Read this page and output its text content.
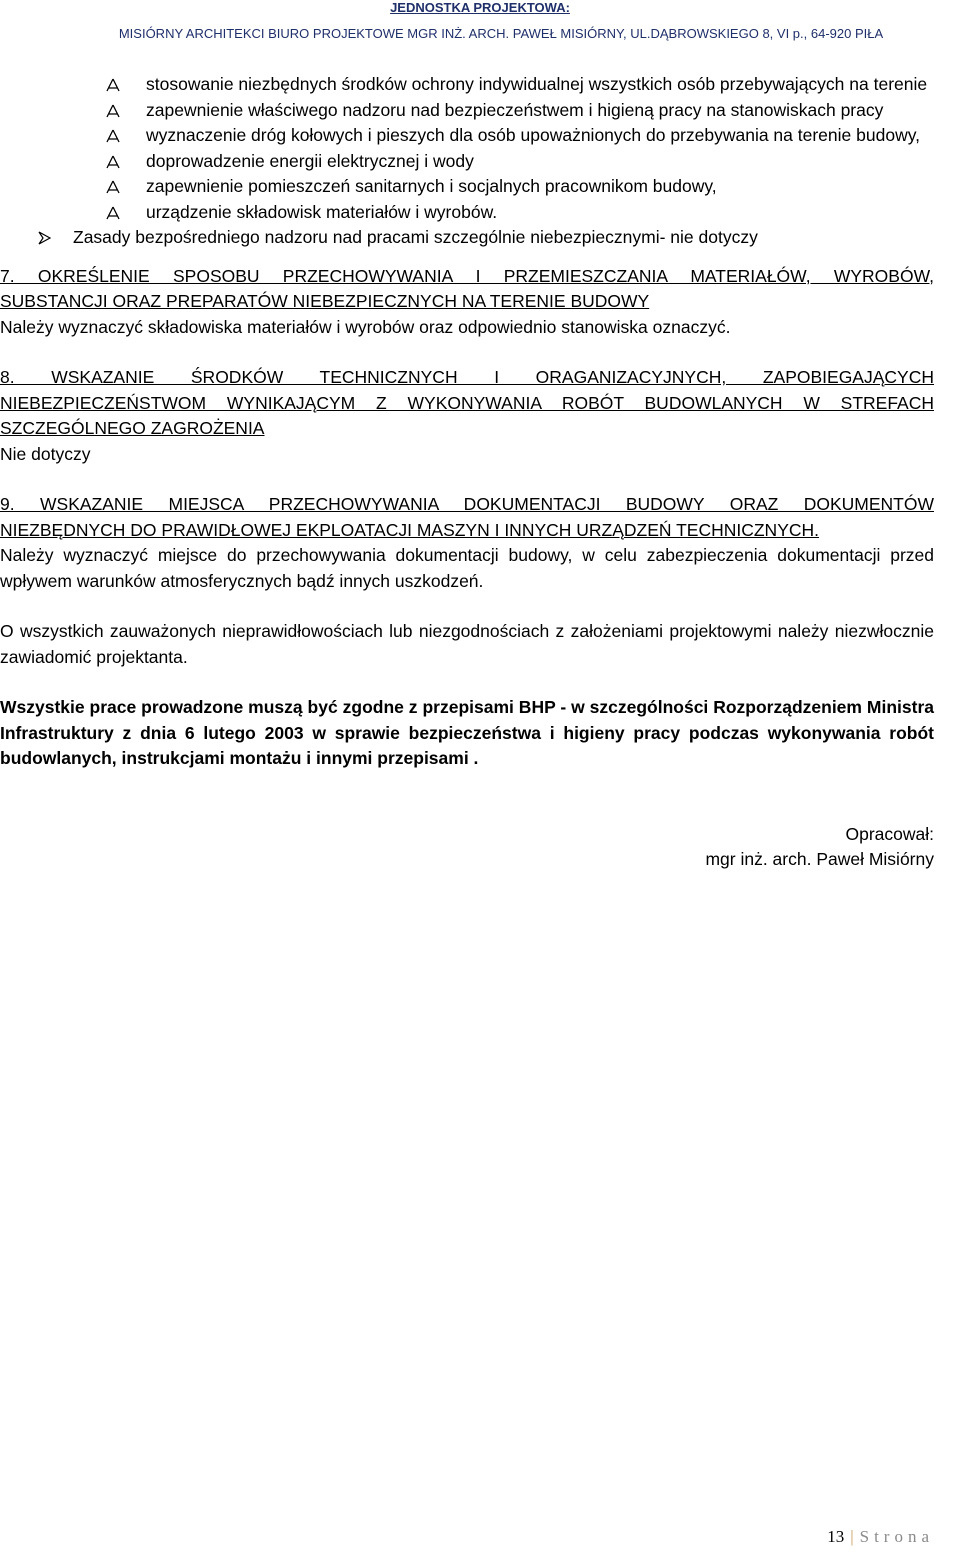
JEDNOSTKA PROJEKTOWA:
MISIÓRNY ARCHITEKCI BIURO PROJEKTOWE MGR INŻ. ARCH. PAWEŁ MISIÓRNY, UL.DĄBROWSKIEGO 8, VI p., 64-920 PIŁA
stosowanie niezbędnych środków ochrony indywidualnej wszystkich osób przebywających na terenie
zapewnienie właściwego nadzoru nad bezpieczeństwem i higieną pracy na stanowiskach pracy
wyznaczenie dróg kołowych i pieszych dla osób upoważnionych do przebywania na terenie budowy,
doprowadzenie energii elektrycznej i wody
zapewnienie pomieszczeń sanitarnych i socjalnych pracownikom budowy,
urządzenie składowisk materiałów i wyrobów.
Zasady bezpośredniego nadzoru nad pracami szczególnie niebezpiecznymi- nie dotyczy

7. OKREŚLENIE SPOSOBU PRZECHOWYWANIA I PRZEMIESZCZANIA MATERIAŁÓW, WYROBÓW,

SUBSTANCJI ORAZ PREPARATÓW NIEBEZPIECZNYCH NA TERENIE BUDOWY

Należy wyznaczyć składowiska materiałów i wyrobów oraz odpowiednio stanowiska oznaczyć.

8. WSKAZANIE ŚRODKÓW TECHNICZNYCH I ORAGANIZACYJNYCH, ZAPOBIEGAJĄCYCH

NIEBEZPIECZEŃSTWOM WYNIKAJĄCYM Z WYKONYWANIA ROBÓT BUDOWLANYCH W STREFACH

SZCZEGÓLNEGO ZAGROŻENIA

Nie dotyczy

9. WSKAZANIE MIEJSCA PRZECHOWYWANIA DOKUMENTACJI BUDOWY ORAZ DOKUMENTÓW

NIEZBĘDNYCH DO PRAWIDŁOWEJ EKPLOATACJI MASZYN I INNYCH URZĄDZEŃ TECHNICZNYCH.

Należy wyznaczyć miejsce do przechowywania dokumentacji budowy, w celu zabezpieczenia dokumentacji przed wpływem warunków atmosferycznych bądź innych uszkodzeń.

O wszystkich zauważonych nieprawidłowościach lub niezgodnościach z założeniami projektowymi należy niezwłocznie zawiadomić projektanta.

Wszystkie prace prowadzone muszą być zgodne z przepisami BHP - w szczególności Rozporządzeniem Ministra Infrastruktury z dnia 6 lutego 2003 w sprawie bezpieczeństwa i higieny pracy podczas wykonywania robót budowlanych, instrukcjami montażu i innymi przepisami .

Opracował:

mgr inż. arch. Paweł Misiórny

13 | Strona
